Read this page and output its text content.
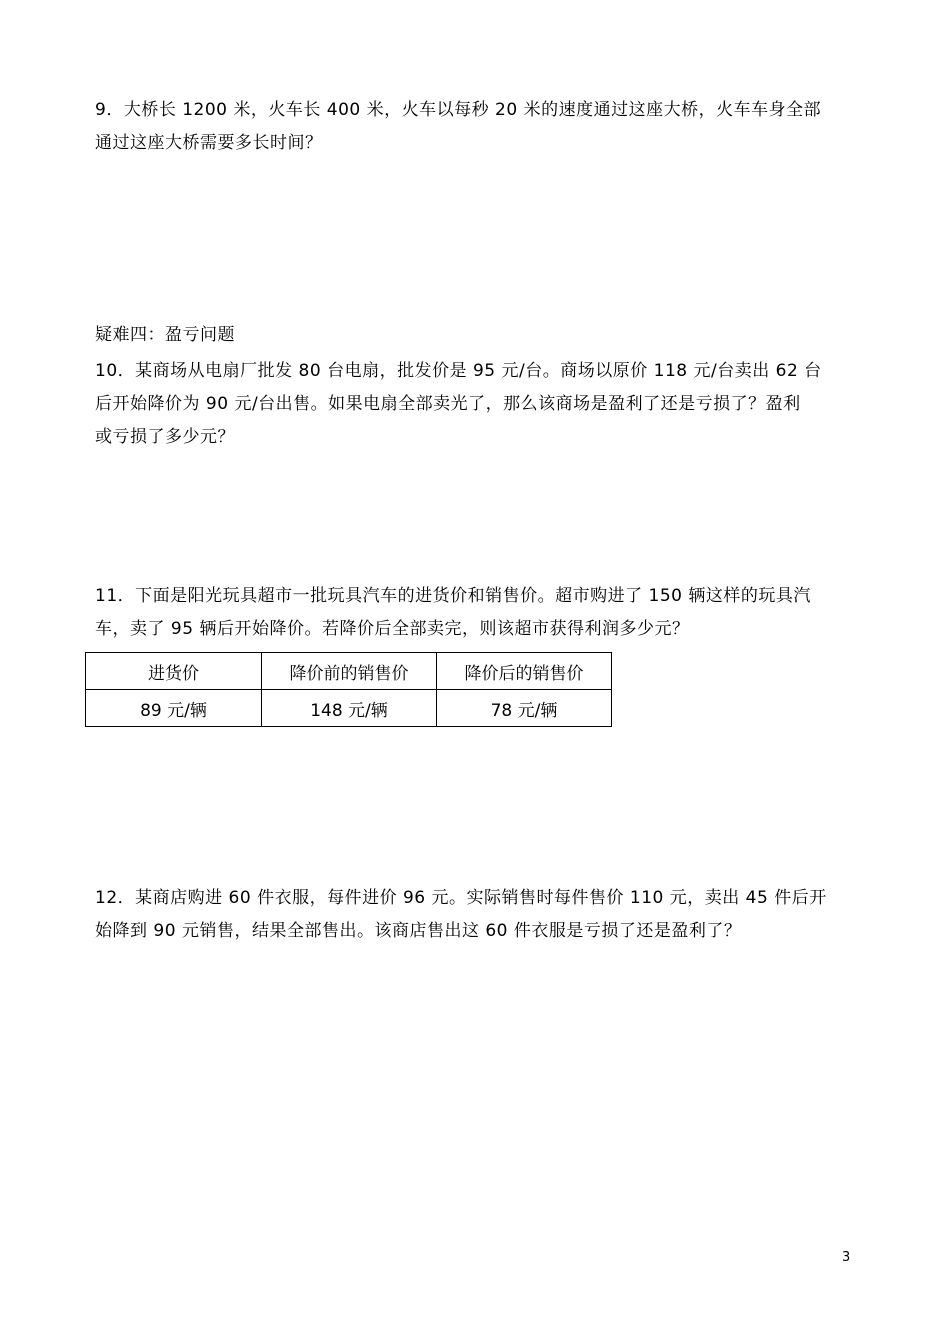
9．大桥长 1200 米，火车长 400 米，火车以每秒 20 米的速度通过这座大桥，火车车身全部
通过这座大桥需要多长时间？
疑难四：盈亏问题
10．某商场从电扇厂批发 80 台电扇，批发价是 95 元/台。商场以原价 118 元/台卖出 62 台
后开始降价为 90 元/台出售。如果电扇全部卖光了，那么该商场是盈利了还是亏损了？盈利
或亏损了多少元？
11．下面是阳光玩具超市一批玩具汽车的进货价和销售价。超市购进了 150 辆这样的玩具汽
车，卖了 95 辆后开始降价。若降价后全部卖完，则该超市获得利润多少元？
进货价	降价前的销售价	降价后的销售价
89 元/辆	148 元/辆	78 元/辆
12．某商店购进 60 件衣服，每件进价 96 元。实际销售时每件售价 110 元，卖出 45 件后开
始降到 90 元销售，结果全部售出。该商店售出这 60 件衣服是亏损了还是盈利了？
3
